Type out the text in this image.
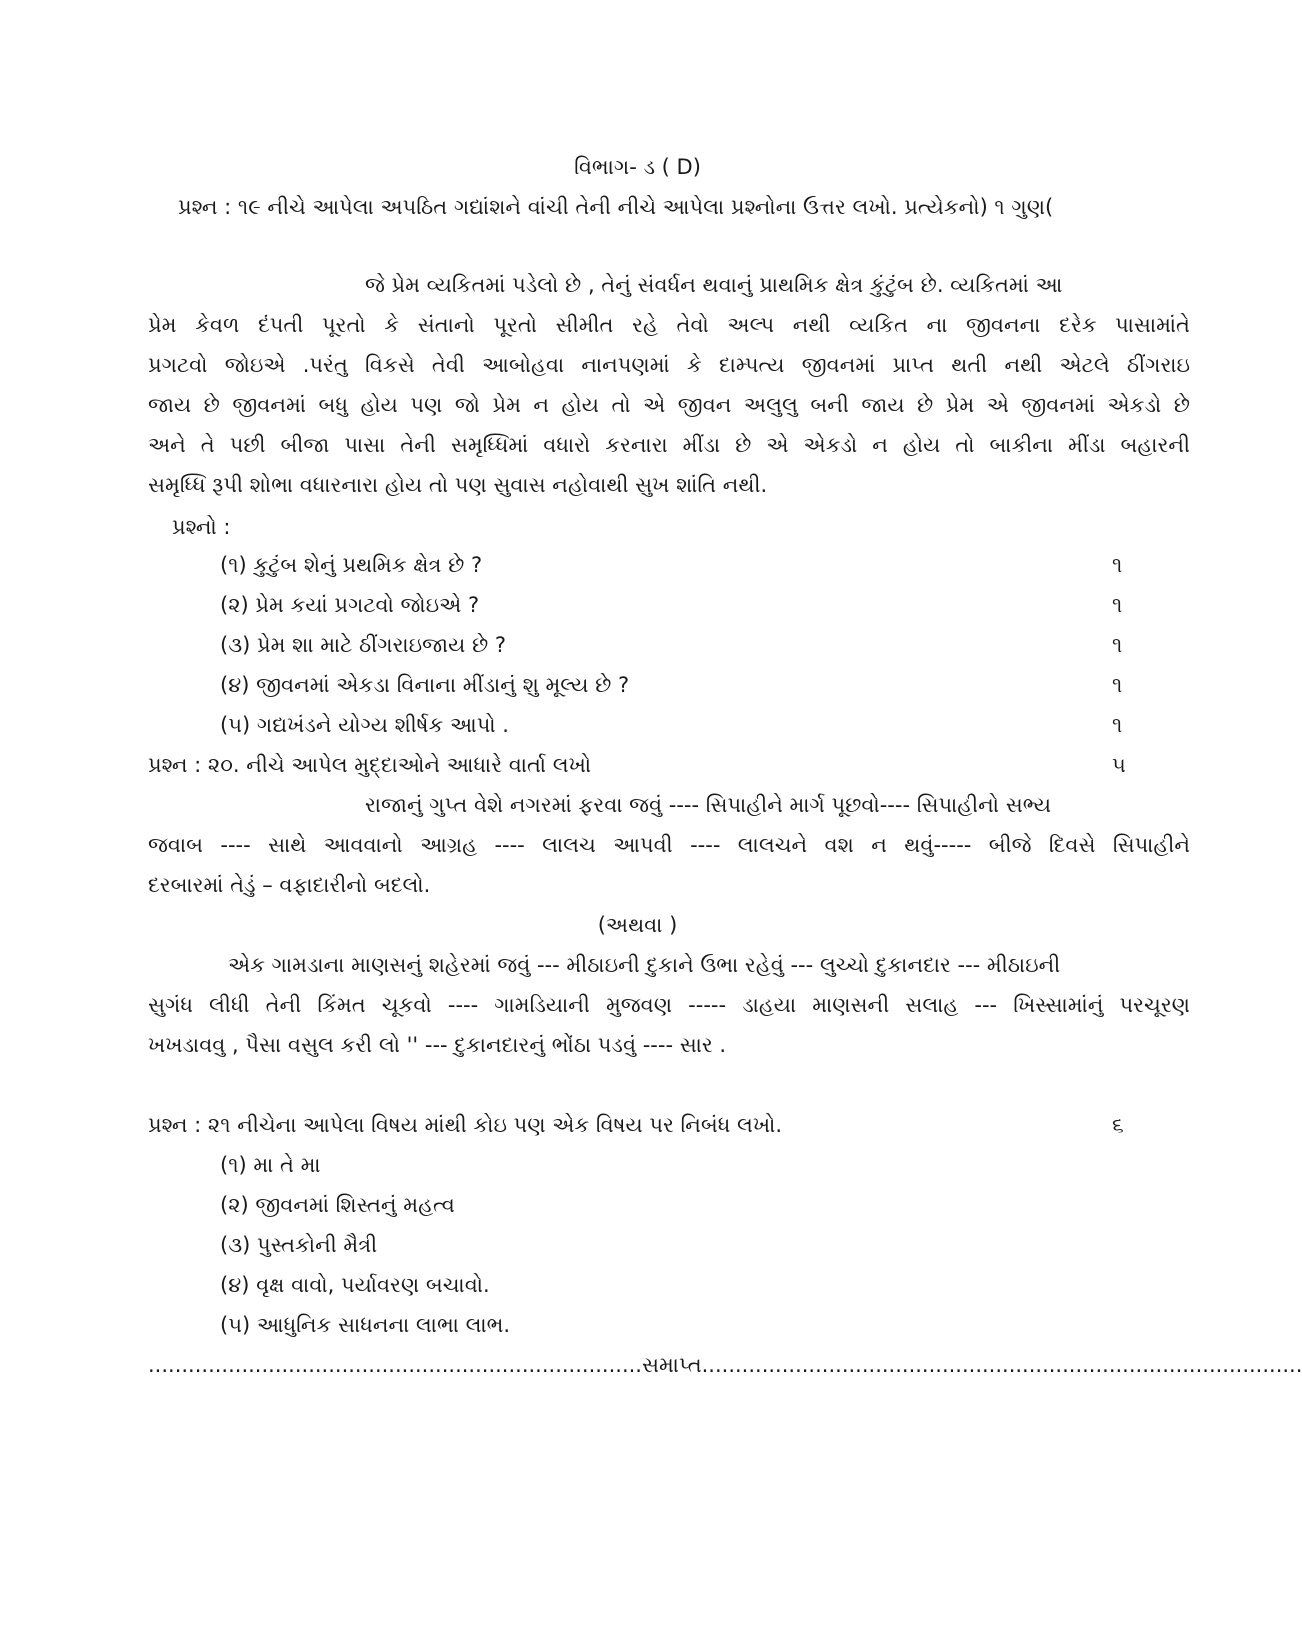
વિભાગ- ડ ( D)
પ્રશ્ન : ૧૯ નીચે આપેલા અપઠિત ગદ્યાંશને વાંચી તેની નીચે આપેલા પ્રશ્નોના ઉત્તર લખો. પ્રત્યેકનો) ૧ ગુણ(
જે પ્રેમ વ્યકિતમાં પડેલો છે , તેનું સંવર્ધન થવાનું પ્રાથમિક ક્ષેત્ર કુંટુંબ છે. વ્યકિતમાં આ
પ્રેમ કેવળ દંપતી પૂરતો કે સંતાનો પૂરતો સીમીત રહે તેવો અલ્પ નથી વ્યકિત ના જીવનના દરેક પાસામાંતે
પ્રગટવો જોઇએ .પરંતુ વિકસે તેવી આબોહવા નાનપણમાં કે દામ્પત્ય જીવનમાં પ્રાપ્ત થતી નથી એટલે ઠીંગરાઇ
જાય છે જીવનમાં બધુ હોય પણ જો પ્રેમ ન હોય તો એ જીવન અલુલુ બની જાય છે પ્રેમ એ જીવનમાં એકડો છે
અને તે પછી બીજા પાસા તેની સમૃધ્ધિમાં વધારો કરનારા મીંડા છે એ એકડો ન હોય તો બાકીના મીંડા બહારની
સમૃધ્ધિ રૂપી શોભા વધારનારા હોય તો પણ સુવાસ નહોવાથી સુખ શાંતિ નથી.
પ્રશ્નો :
(૧) કુટુંબ શેનું પ્રથમિક ક્ષેત્ર છે ?	૧
(૨) પ્રેમ કયાં પ્રગટવો જોઇએ ?	૧
(૩) પ્રેમ શા માટે ઠીંગરાઇજાય છે ?	૧
(૪) જીવનમાં એકડા વિનાના મીંડાનું શુ મૂલ્ય છે ?	૧
(૫) ગદ્યખંડને યોગ્ય શીર્ષક આપો .	૧
પ્રશ્ન : ૨૦. નીચે આપેલ મુદ્દાઓને આધારે વાર્તા લખો	૫
રાજાનું ગુપ્ત વેશે નગરમાં ફરવા જવું ---- સિપાહીને માર્ગ પૂછવો---- સિપાહીનો સભ્ય
જવાબ ---- સાથે આવવાનો આગ્રહ ---- લાલચ આપવી ---- લાલચને વશ ન થવું----- બીજે દિવસે સિપાહીને
દરબારમાં તેડું – વફાદારીનો બદલો.
(અથવા )
એક ગામડાના માણસનું શહેરમાં જવું --- મીઠાઇની દુકાને ઉભા રહેવું --- લુચ્ચો દુકાનદાર --- મીઠાઇની
સુગંધ લીધી તેની કિંમત ચૂકવો ---- ગામડિયાની મુજવણ ----- ડાહયા માણસની સલાહ --- ખિસ્સામાંનું પરચૂરણ
ખખડાવવુ , પૈસા વસુલ કરી લો '' --- દુકાનદારનું ભોંઠા પડવું ---- સાર .
પ્રશ્ન : ૨૧ નીચેના આપેલા વિષય માંથી કોઇ પણ એક વિષય પર નિબંધ લખો.	૬
(૧) મા તે મા
(૨) જીવનમાં શિસ્તનું મહત્વ
(૩) પુસ્તકોની મૈત્રી
(૪) વૃક્ષ વાવો, પર્યાવરણ બચાવો.
(૫) આધુનિક સાધનના લાભા લાભ.
..........................................................................સમાપ્ત..........................................................................................
